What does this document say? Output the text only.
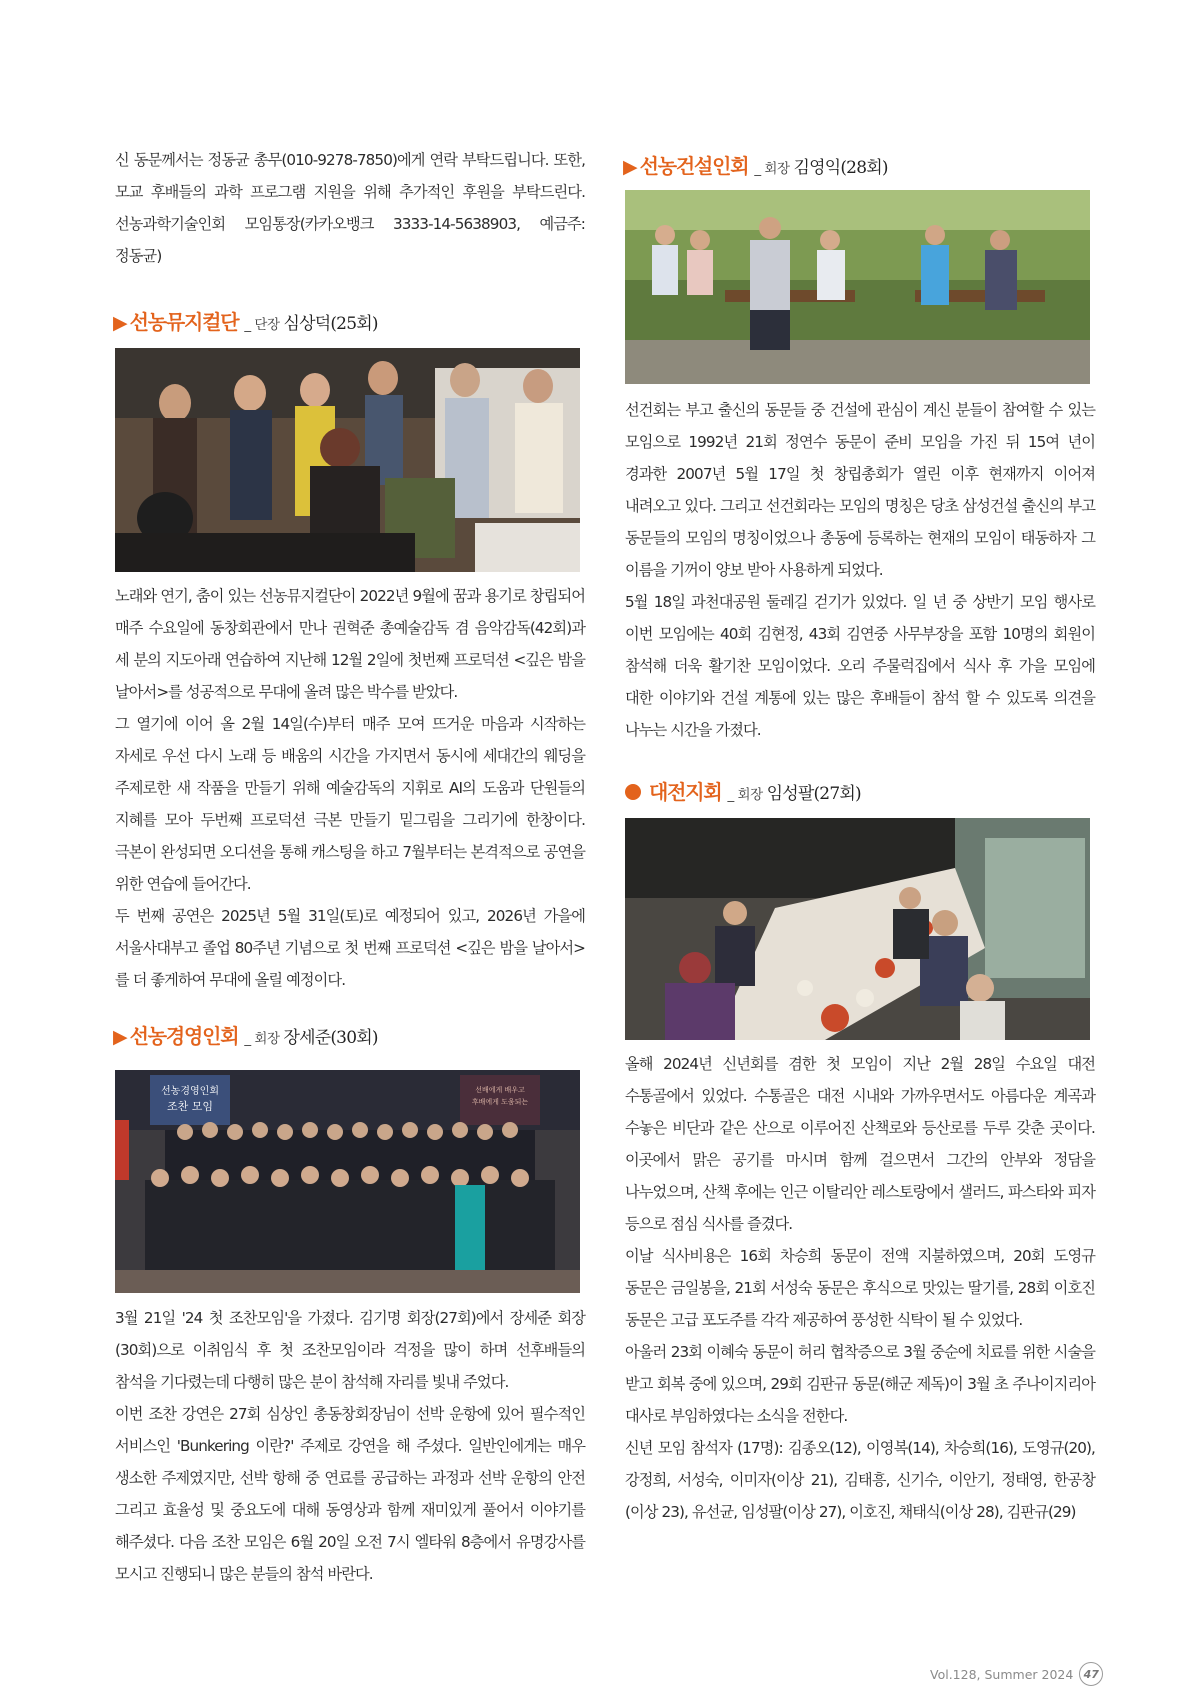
신 동문께서는 정동균 총무(010-9278-7850)에게 연락 부탁드립니다. 또한, 모교 후배들의 과학 프로그램 지원을 위해 추가적인 후원을 부탁드린다. 선농과학기술인회 모임통장(카카오뱅크 3333-14-5638903, 예금주: 정동균)

▶ 선농뮤지컬단 _ 단장 심상덕(25회)

노래와 연기, 춤이 있는 선농뮤지컬단이 2022년 9월에 꿈과 용기로 창립되어 매주 수요일에 동창회관에서 만나 권혁준 총예술감독 겸 음악감독(42회)과 세 분의 지도아래 연습하여 지난해 12월 2일에 첫번째 프로덕션 <깊은 밤을 날아서>를 성공적으로 무대에 올려 많은 박수를 받았다.

그 열기에 이어 올 2월 14일(수)부터 매주 모여 뜨거운 마음과 시작하는 자세로 우선 다시 노래 등 배움의 시간을 가지면서 동시에 세대간의 웨딩을 주제로한 새 작품을 만들기 위해 예술감독의 지휘로 AI의 도움과 단원들의 지혜를 모아 두번째 프로덕션 극본 만들기 밑그림을 그리기에 한창이다. 극본이 완성되면 오디션을 통해 캐스팅을 하고 7월부터는 본격적으로 공연을 위한 연습에 들어간다.

두 번째 공연은 2025년 5월 31일(토)로 예정되어 있고, 2026년 가을에 서울사대부고 졸업 80주년 기념으로 첫 번째 프로덕션 <깊은 밤을 날아서>를 더 좋게하여 무대에 올릴 예정이다.

▶ 선농경영인회 _ 회장 장세준(30회)
선농경영인회
조찬 모임
선배에게 배우고
후배에게 도움되는

3월 21일 '24 첫 조찬모임'을 가졌다. 김기명 회장(27회)에서 장세준 회장(30회)으로 이취임식 후 첫 조찬모임이라 걱정을 많이 하며 선후배들의 참석을 기다렸는데 다행히 많은 분이 참석해 자리를 빛내 주었다.

이번 조찬 강연은 27회 심상인 총동창회장님이 선박 운항에 있어 필수적인 서비스인 'Bunkering 이란?' 주제로 강연을 해 주셨다. 일반인에게는 매우 생소한 주제였지만, 선박 항해 중 연료를 공급하는 과정과 선박 운항의 안전 그리고 효율성 및 중요도에 대해 동영상과 함께 재미있게 풀어서 이야기를 해주셨다. 다음 조찬 모임은 6월 20일 오전 7시 엘타워 8층에서 유명강사를 모시고 진행되니 많은 분들의 참석 바란다.

▶ 선농건설인회 _ 회장 김영익(28회)

선건회는 부고 출신의 동문들 중 건설에 관심이 계신 분들이 참여할 수 있는 모임으로 1992년 21회 정연수 동문이 준비 모임을 가진 뒤 15여 년이 경과한 2007년 5월 17일 첫 창립총회가 열린 이후 현재까지 이어져 내려오고 있다. 그리고 선건회라는 모임의 명칭은 당초 삼성건설 출신의 부고 동문들의 모임의 명칭이었으나 총동에 등록하는 현재의 모임이 태동하자 그 이름을 기꺼이 양보 받아 사용하게 되었다.

5월 18일 과천대공원 둘레길 걷기가 있었다. 일 년 중 상반기 모임 행사로 이번 모임에는 40회 김현정, 43회 김연중 사무부장을 포함 10명의 회원이 참석해 더욱 활기찬 모임이었다. 오리 주물럭집에서 식사 후 가을 모임에 대한 이야기와 건설 계통에 있는 많은 후배들이 참석 할 수 있도록 의견을 나누는 시간을 가졌다.

대전지회 _ 회장 임성팔(27회)

올해 2024년 신년회를 겸한 첫 모임이 지난 2월 28일 수요일 대전 수통골에서 있었다. 수통골은 대전 시내와 가까우면서도 아름다운 계곡과 수놓은 비단과 같은 산으로 이루어진 산책로와 등산로를 두루 갖춘 곳이다. 이곳에서 맑은 공기를 마시며 함께 걸으면서 그간의 안부와 정담을 나누었으며, 산책 후에는 인근 이탈리안 레스토랑에서 샐러드, 파스타와 피자 등으로 점심 식사를 즐겼다.

이날 식사비용은 16회 차승희 동문이 전액 지불하였으며, 20회 도영규 동문은 금일봉을, 21회 서성숙 동문은 후식으로 맛있는 딸기를, 28회 이호진 동문은 고급 포도주를 각각 제공하여 풍성한 식탁이 될 수 있었다.

아울러 23회 이혜숙 동문이 허리 협착증으로 3월 중순에 치료를 위한 시술을 받고 회복 중에 있으며, 29회 김판규 동문(해군 제독)이 3월 초 주나이지리아 대사로 부임하였다는 소식을 전한다.

신년 모임 참석자 (17명): 김종오(12), 이영복(14), 차승희(16), 도영규(20), 강정희, 서성숙, 이미자(이상 21), 김태흥, 신기수, 이안기, 정태영, 한공창(이상 23), 유선균, 임성팔(이상 27), 이호진, 채태식(이상 28), 김판규(29)

Vol.128, Summer 2024 47
